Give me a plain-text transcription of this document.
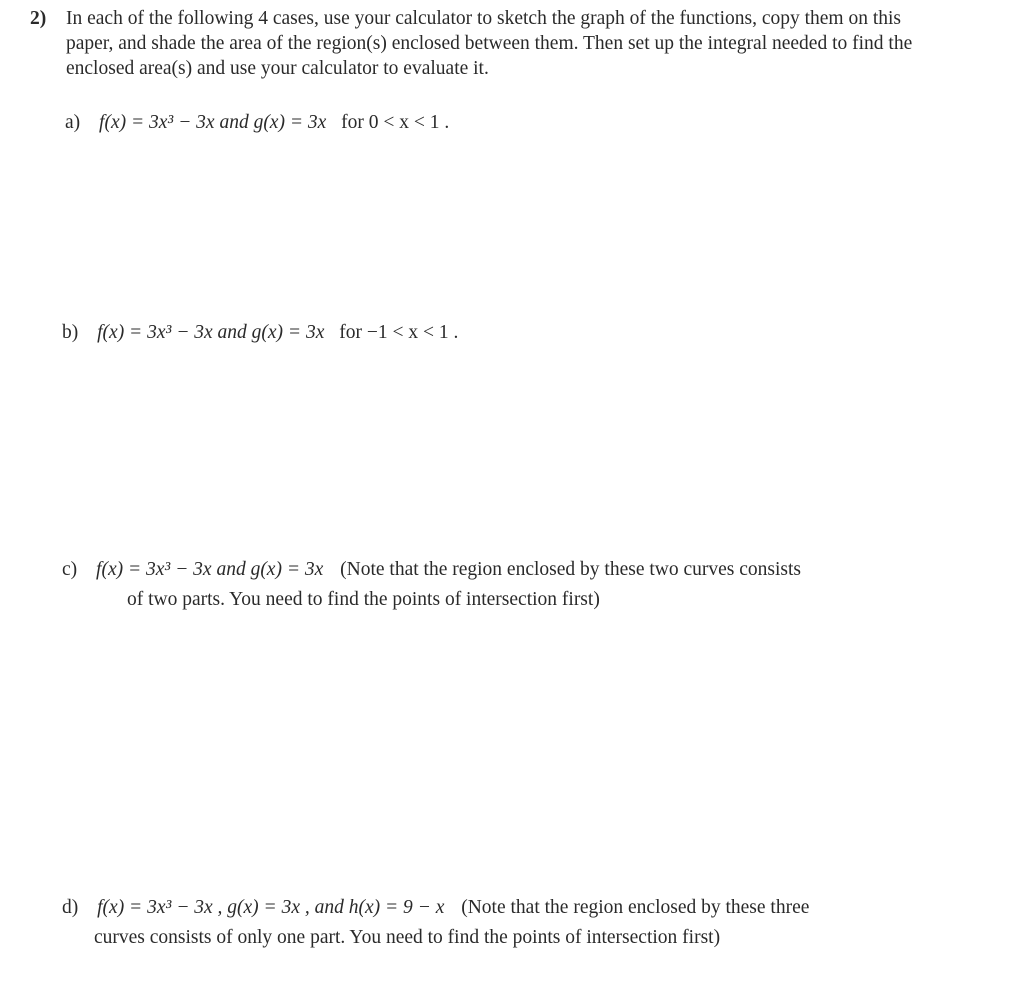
2) In each of the following 4 cases, use your calculator to sketch the graph of the functions, copy them on this paper, and shade the area of the region(s) enclosed between them. Then set up the integral needed to find the enclosed area(s) and use your calculator to evaluate it.
a) f(x) = 3x³ − 3x and g(x) = 3x for 0 < x < 1 .
b) f(x) = 3x³ − 3x and g(x) = 3x for −1 < x < 1 .
c) f(x) = 3x³ − 3x and g(x) = 3x (Note that the region enclosed by these two curves consists
of two parts. You need to find the points of intersection first)
d) f(x) = 3x³ − 3x , g(x) = 3x , and h(x) = 9 − x (Note that the region enclosed by these three
curves consists of only one part. You need to find the points of intersection first)
